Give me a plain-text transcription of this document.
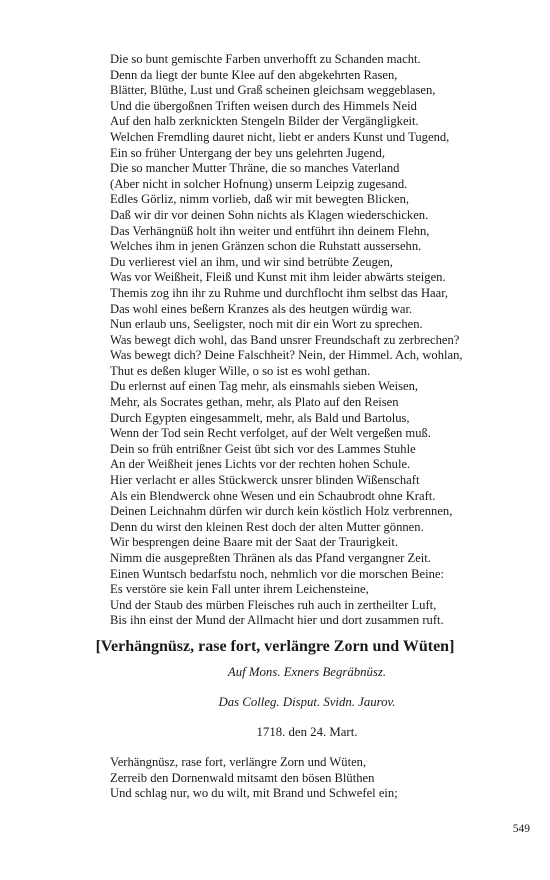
Die so bunt gemischte Farben unverhofft zu Schanden macht.
Denn da liegt der bunte Klee auf den abgekehrten Rasen,
Blätter, Blüthe, Lust und Graß scheinen gleichsam weggeblasen,
Und die übergoßnen Triften weisen durch des Himmels Neid
Auf den halb zerknickten Stengeln Bilder der Vergängligkeit.
Welchen Fremdling dauret nicht, liebt er anders Kunst und Tugend,
Ein so früher Untergang der bey uns gelehrten Jugend,
Die so mancher Mutter Thräne, die so manches Vaterland
(Aber nicht in solcher Hofnung) unserm Leipzig zugesand.
Edles Görliz, nimm vorlieb, daß wir mit bewegten Blicken,
Daß wir dir vor deinen Sohn nichts als Klagen wiederschicken.
Das Verhängnüß holt ihn weiter und entführt ihn deinem Flehn,
Welches ihm in jenen Gränzen schon die Ruhstatt aussersehn.
Du verlierest viel an ihm, und wir sind betrübte Zeugen,
Was vor Weißheit, Fleiß und Kunst mit ihm leider abwärts steigen.
Themis zog ihn ihr zu Ruhme und durchflocht ihm selbst das Haar,
Das wohl eines beßern Kranzes als des heutgen würdig war.
Nun erlaub uns, Seeligster, noch mit dir ein Wort zu sprechen.
Was bewegt dich wohl, das Band unsrer Freundschaft zu zerbrechen?
Was bewegt dich? Deine Falschheit? Nein, der Himmel. Ach, wohlan,
Thut es deßen kluger Wille, o so ist es wohl gethan.
Du erlernst auf einen Tag mehr, als einsmahls sieben Weisen,
Mehr, als Socrates gethan, mehr, als Plato auf den Reisen
Durch Egypten eingesammelt, mehr, als Bald und Bartolus,
Wenn der Tod sein Recht verfolget, auf der Welt vergeßen muß.
Dein so früh entrißner Geist übt sich vor des Lammes Stuhle
An der Weißheit jenes Lichts vor der rechten hohen Schule.
Hier verlacht er alles Stückwerck unsrer blinden Wißenschaft
Als ein Blendwerck ohne Wesen und ein Schaubrodt ohne Kraft.
Deinen Leichnahm dürfen wir durch kein köstlich Holz verbrennen,
Denn du wirst den kleinen Rest doch der alten Mutter gönnen.
Wir besprengen deine Baare mit der Saat der Traurigkeit.
Nimm die ausgepreßten Thränen als das Pfand vergangner Zeit.
Einen Wuntsch bedarfstu noch, nehmlich vor die morschen Beine:
Es verstöre sie kein Fall unter ihrem Leichensteine,
Und der Staub des mürben Fleisches ruh auch in zertheilter Luft,
Bis ihn einst der Mund der Allmacht hier und dort zusammen ruft.
[Verhängnüsz, rase fort, verlängre Zorn und Wüten]
Auf Mons. Exners Begräbnüsz.
Das Colleg. Disput. Svidn. Jaurov.
1718. den 24. Mart.
Verhängnüsz, rase fort, verlängre Zorn und Wüten,
Zerreib den Dornenwald mitsamt den bösen Blüthen
Und schlag nur, wo du wilt, mit Brand und Schwefel ein;
549
